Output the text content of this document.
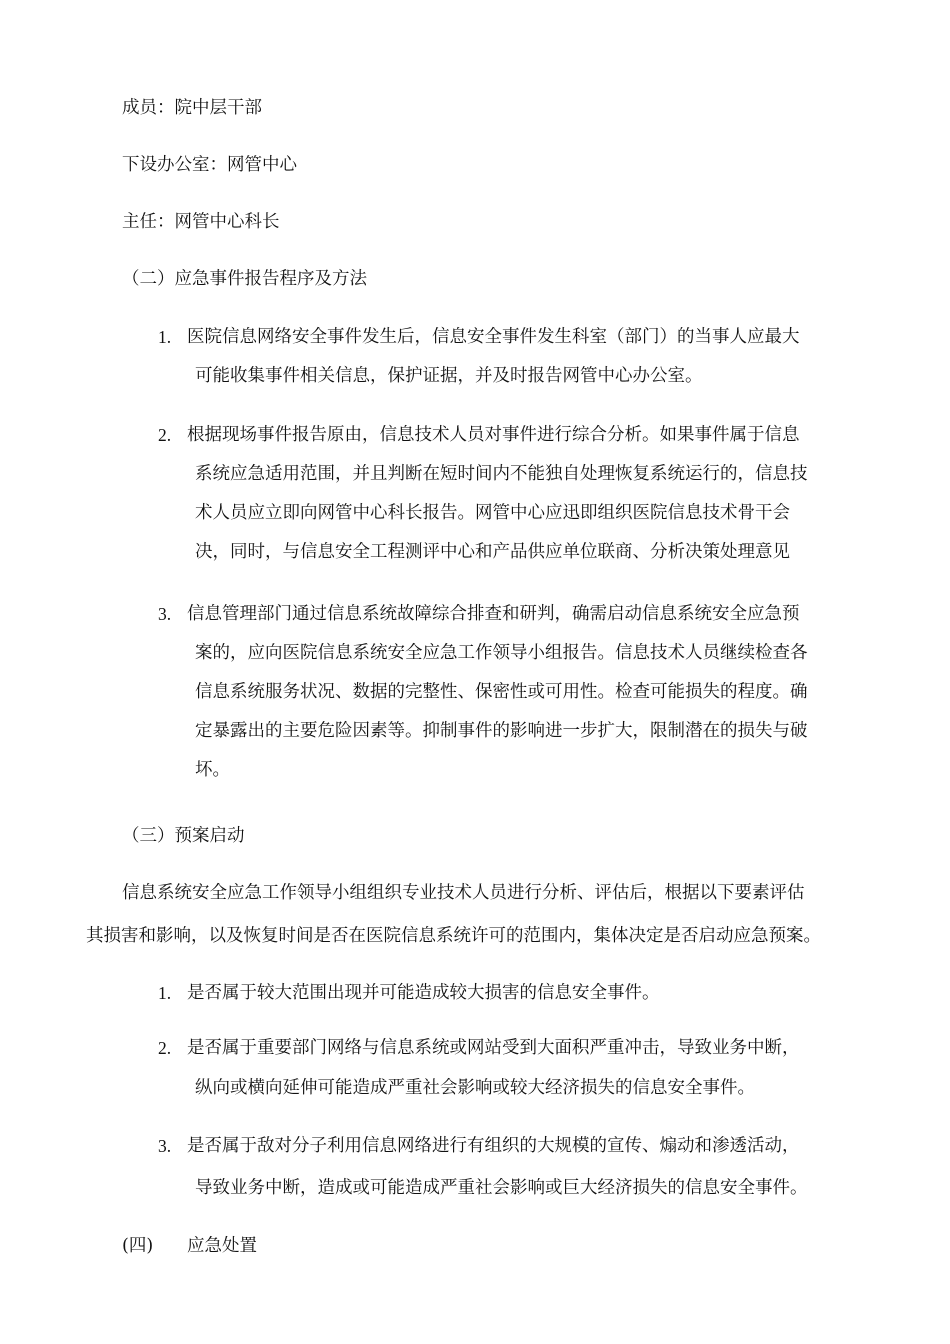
成员：院中层干部
下设办公室：网管中心
主任：网管中心科长
（二）应急事件报告程序及方法
1. 医院信息网络安全事件发生后，信息安全事件发生科室（部门）的当事人应最大
可能收集事件相关信息，保护证据，并及时报告网管中心办公室。
2. 根据现场事件报告原由，信息技术人员对事件进行综合分析。如果事件属于信息
系统应急适用范围，并且判断在短时间内不能独自处理恢复系统运行的，信息技
术人员应立即向网管中心科长报告。网管中心应迅即组织医院信息技术骨干会
决，同时，与信息安全工程测评中心和产品供应单位联商、分析决策处理意见
3. 信息管理部门通过信息系统故障综合排查和研判，确需启动信息系统安全应急预
案的，应向医院信息系统安全应急工作领导小组报告。信息技术人员继续检查各
信息系统服务状况、数据的完整性、保密性或可用性。检查可能损失的程度。确
定暴露出的主要危险因素等。抑制事件的影响进一步扩大，限制潜在的损失与破
坏。
（三）预案启动
信息系统安全应急工作领导小组组织专业技术人员进行分析、评估后，根据以下要素评估
其损害和影响，以及恢复时间是否在医院信息系统许可的范围内，集体决定是否启动应急预案。
1. 是否属于较大范围出现并可能造成较大损害的信息安全事件。
2. 是否属于重要部门网络与信息系统或网站受到大面积严重冲击，导致业务中断，
纵向或横向延伸可能造成严重社会影响或较大经济损失的信息安全事件。
3. 是否属于敌对分子利用信息网络进行有组织的大规模的宣传、煽动和渗透活动，
导致业务中断，造成或可能造成严重社会影响或巨大经济损失的信息安全事件。
(四) 应急处置
